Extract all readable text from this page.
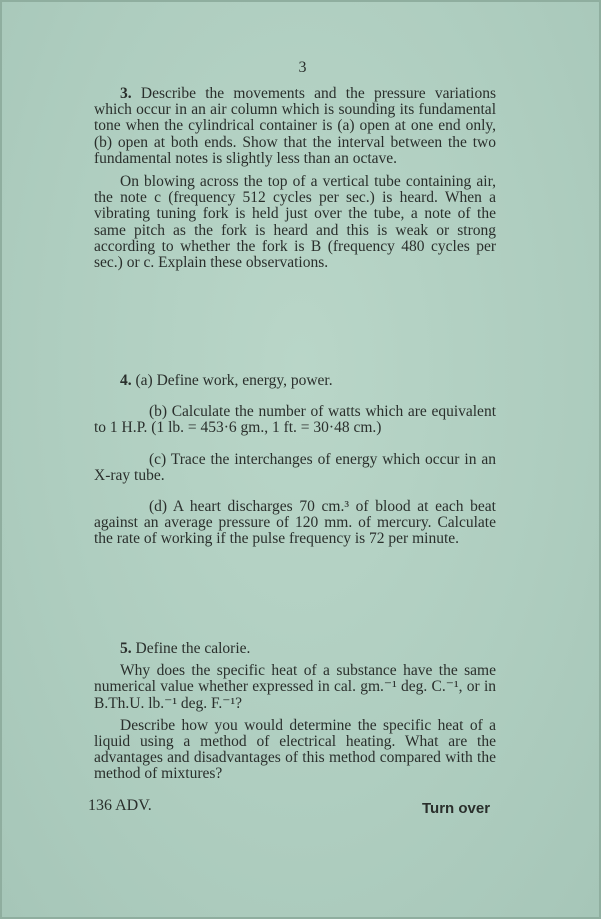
3

3. Describe the movements and the pressure variations which occur in an air column which is sounding its fundamental tone when the cylindrical container is (a) open at one end only, (b) open at both ends. Show that the interval between the two fundamental notes is slightly less than an octave.

On blowing across the top of a vertical tube containing air, the note c (frequency 512 cycles per sec.) is heard. When a vibrating tuning fork is held just over the tube, a note of the same pitch as the fork is heard and this is weak or strong according to whether the fork is B (frequency 480 cycles per sec.) or c. Explain these observations.

4. (a) Define work, energy, power.

(b) Calculate the number of watts which are equivalent to 1 H.P. (1 lb. = 453·6 gm., 1 ft. = 30·48 cm.)

(c) Trace the interchanges of energy which occur in an X-ray tube.

(d) A heart discharges 70 cm.³ of blood at each beat against an average pressure of 120 mm. of mercury. Calculate the rate of working if the pulse frequency is 72 per minute.

5. Define the calorie.

Why does the specific heat of a substance have the same numerical value whether expressed in cal. gm.⁻¹ deg. C.⁻¹, or in B.Th.U. lb.⁻¹ deg. F.⁻¹?

Describe how you would determine the specific heat of a liquid using a method of electrical heating. What are the advantages and disadvantages of this method compared with the method of mixtures?

136 ADV.	Turn over
